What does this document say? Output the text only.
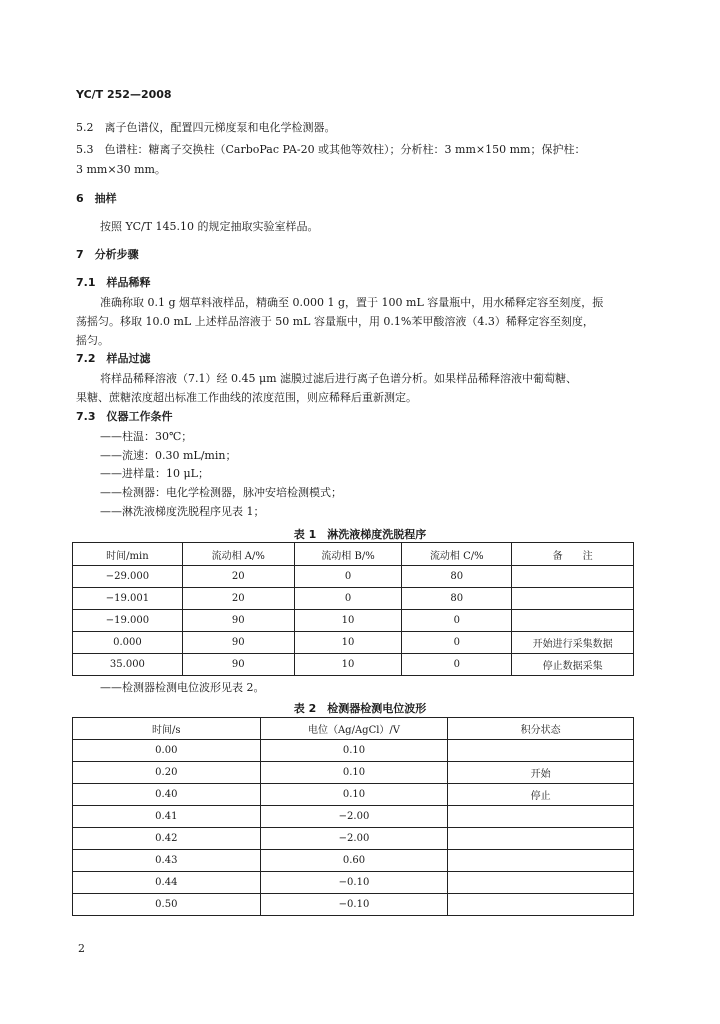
YC/T 252—2008
5.2　离子色谱仪，配置四元梯度泵和电化学检测器。
5.3　色谱柱：糖离子交换柱（CarboPac PA-20 或其他等效柱）；分析柱：3 mm×150 mm；保护柱：
3 mm×30 mm。
6　抽样
按照 YC/T 145.10 的规定抽取实验室样品。
7　分析步骤
7.1　样品稀释
准确称取 0.1 g 烟草料液样品，精确至 0.000 1 g，置于 100 mL 容量瓶中，用水稀释定容至刻度，振
荡摇匀。移取 10.0 mL 上述样品溶液于 50 mL 容量瓶中，用 0.1%苯甲酸溶液（4.3）稀释定容至刻度，
摇匀。
7.2　样品过滤
将样品稀释溶液（7.1）经 0.45 μm 滤膜过滤后进行离子色谱分析。如果样品稀释溶液中葡萄糖、
果糖、蔗糖浓度超出标准工作曲线的浓度范围，则应稀释后重新测定。
7.3　仪器工作条件
——柱温：30℃；
——流速：0.30 mL/min；
——进样量：10 μL；
——检测器：电化学检测器，脉冲安培检测模式；
——淋洗液梯度洗脱程序见表 1；
表 1　淋洗液梯度洗脱程序
时间/min	流动相 A/%	流动相 B/%	流动相 C/%	备　　注
−29.000	20	0	80	
−19.001	20	0	80	
−19.000	90	10	0	
0.000	90	10	0	开始进行采集数据
35.000	90	10	0	停止数据采集
——检测器检测电位波形见表 2。
表 2　检测器检测电位波形
时间/s	电位（Ag/AgCl）/V	积分状态
0.00	0.10	
0.20	0.10	开始
0.40	0.10	停止
0.41	−2.00	
0.42	−2.00	
0.43	0.60	
0.44	−0.10	
0.50	−0.10	
2
